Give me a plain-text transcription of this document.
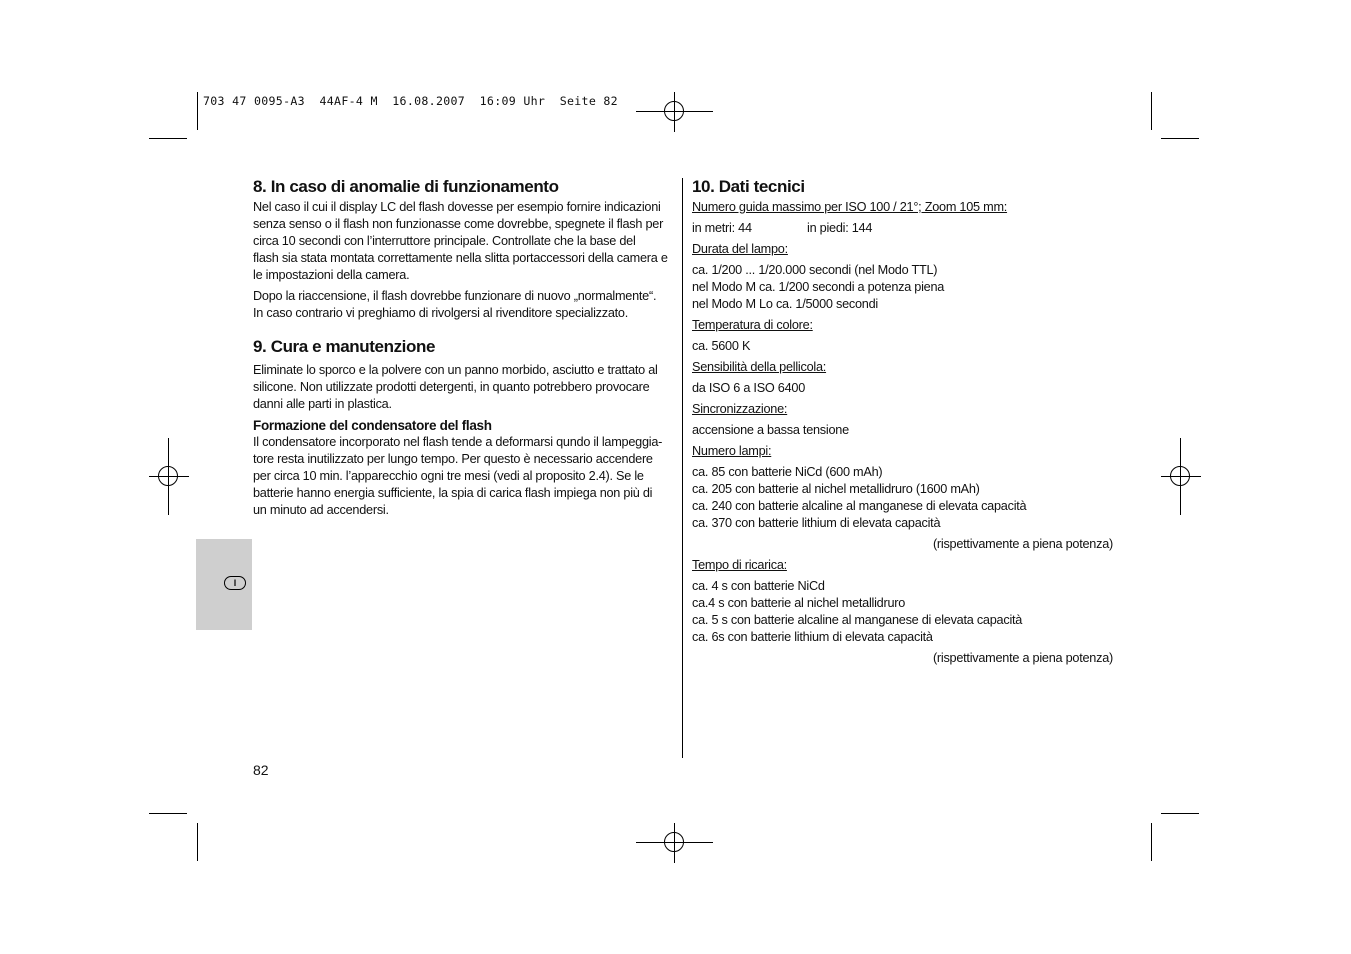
703 47 0095-A3  44AF-4 M  16.08.2007  16:09 Uhr  Seite 82
I

8. In caso di anomalie di funzionamento

Nel caso il cui il display LC del flash dovesse per esempio fornire indicazioni

senza senso o il flash non funzionasse come dovrebbe, spegnete il flash per

circa 10 secondi con l’interruttore principale. Controllate che la base del

flash sia stata montata correttamente nella slitta portaccessori della camera e

le impostazioni della camera.

Dopo la riaccensione, il flash dovrebbe funzionare di nuovo „normalmente“.

In caso contrario vi preghiamo di rivolgersi al rivenditore specializzato.

9. Cura e manutenzione

Eliminate lo sporco e la polvere con un panno morbido, asciutto e trattato al

silicone. Non utilizzate prodotti detergenti, in quanto potrebbero provocare

danni alle parti in plastica.

Formazione del condensatore del flash

Il condensatore incorporato nel flash tende a deformarsi qundo il lampeggia-

tore resta inutilizzato per lungo tempo. Per questo è necessario accendere

per circa 10 min. l’apparecchio ogni tre mesi (vedi al proposito 2.4). Se le

batterie hanno energia sufficiente, la spia di carica flash impiega non più di

un minuto ad accendersi.

10. Dati tecnici

Numero guida massimo per ISO 100 / 21°; Zoom 105 mm:

in metri: 44	in piedi: 144

Durata del lampo:

ca. 1/200 ... 1/20.000 secondi (nel Modo TTL)

nel Modo M ca. 1/200 secondi a potenza piena

nel Modo M Lo ca. 1/5000 secondi

Temperatura di colore:

ca. 5600 K

Sensibilità della pellicola:

da ISO 6 a ISO 6400

Sincronizzazione:

accensione a bassa tensione

Numero lampi:

ca. 85 con batterie NiCd (600 mAh)

ca. 205 con batterie al nichel metallidruro (1600 mAh)

ca. 240 con batterie alcaline al manganese di elevata capacità

ca. 370 con batterie lithium di elevata capacità

(rispettivamente a piena potenza)

Tempo di ricarica:

ca. 4 s con batterie NiCd

ca.4 s con batterie al nichel metallidruro

ca. 5 s con batterie alcaline al manganese di elevata capacità

ca. 6s con batterie lithium di elevata capacità

(rispettivamente a piena potenza)

82
